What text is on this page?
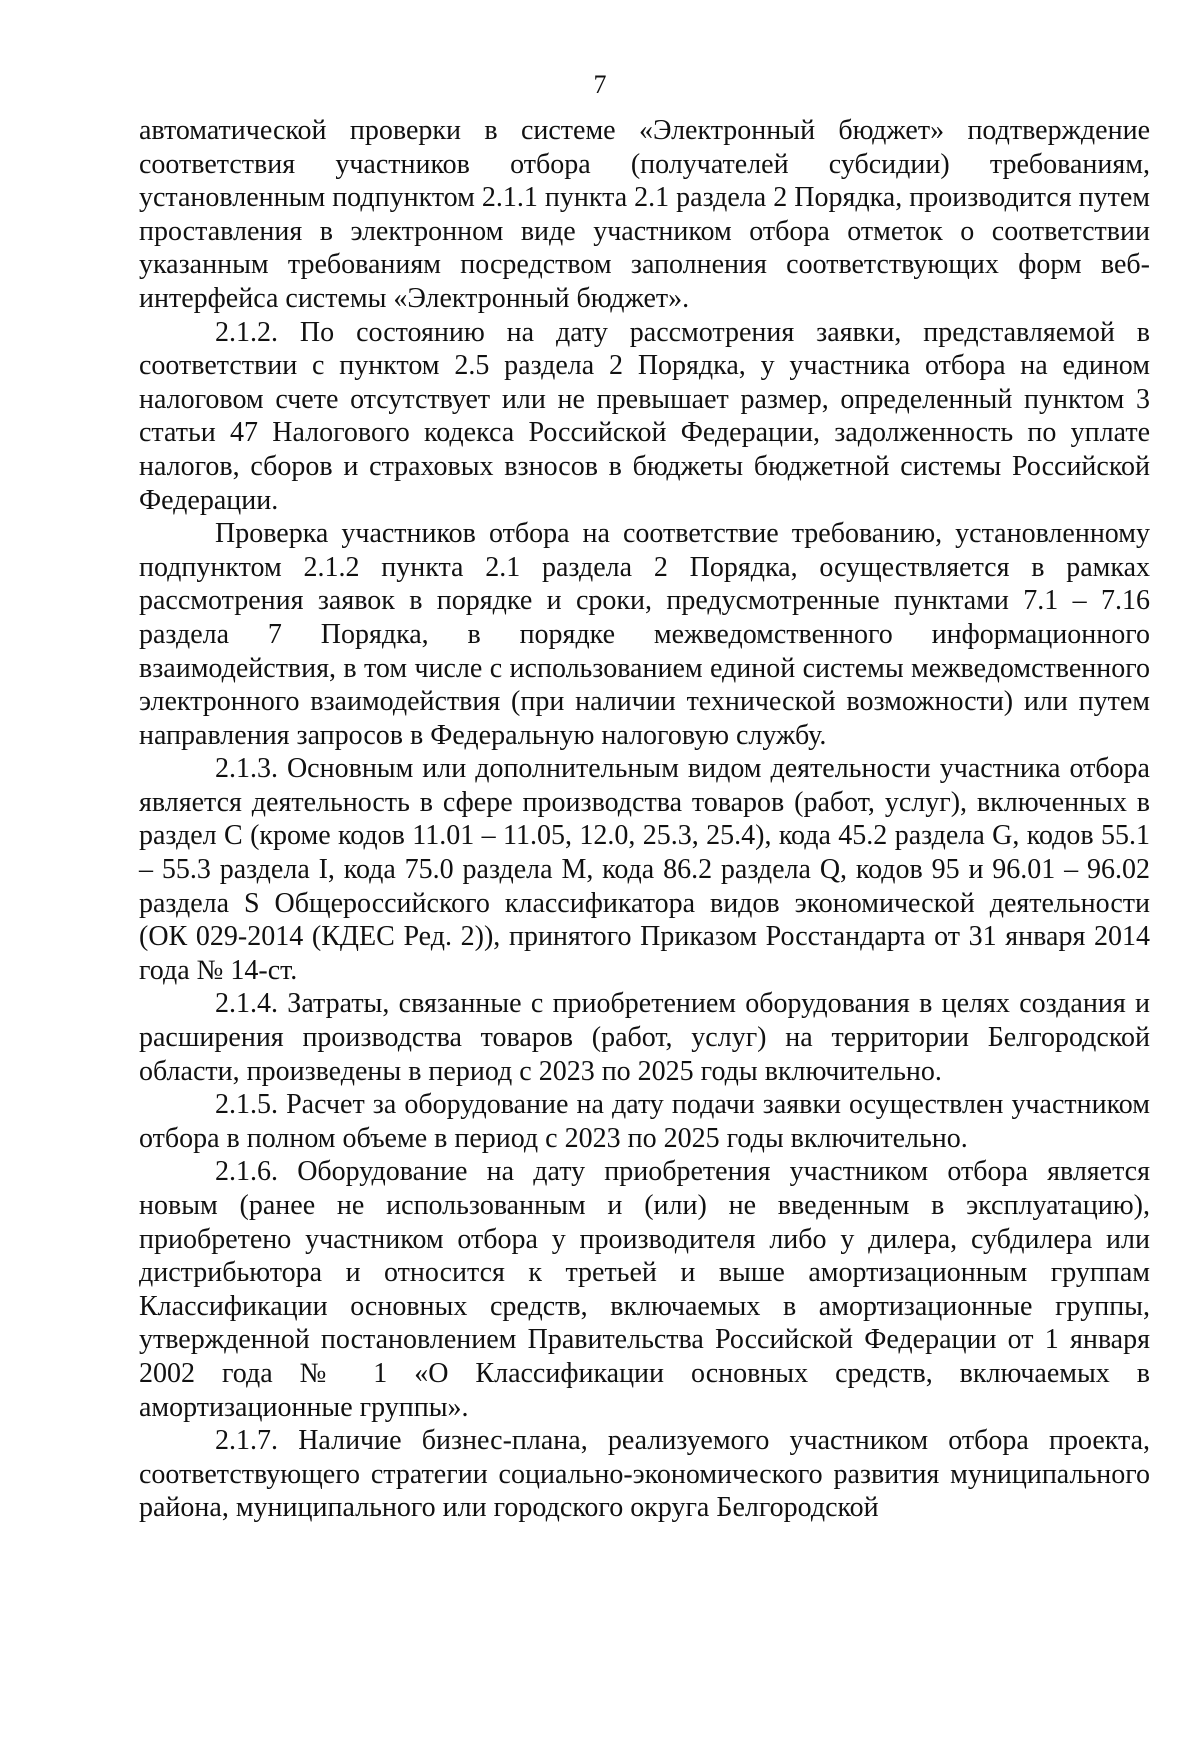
7

автоматической проверки в системе «Электронный бюджет» подтверждение соответствия участников отбора (получателей субсидии) требованиям, установленным подпунктом 2.1.1 пункта 2.1 раздела 2 Порядка, производится путем проставления в электронном виде участником отбора отметок о соответствии указанным требованиям посредством заполнения соответствующих форм веб-интерфейса системы «Электронный бюджет».

2.1.2. По состоянию на дату рассмотрения заявки, представляемой в соответствии с пунктом 2.5 раздела 2 Порядка, у участника отбора на едином налоговом счете отсутствует или не превышает размер, определенный пунктом 3 статьи 47 Налогового кодекса Российской Федерации, задолженность по уплате налогов, сборов и страховых взносов в бюджеты бюджетной системы Российской Федерации.

Проверка участников отбора на соответствие требованию, установленному подпунктом 2.1.2 пункта 2.1 раздела 2 Порядка, осуществляется в рамках рассмотрения заявок в порядке и сроки, предусмотренные пунктами 7.1 – 7.16 раздела 7 Порядка, в порядке межведомственного информационного взаимодействия, в том числе с использованием единой системы межведомственного электронного взаимодействия (при наличии технической возможности) или путем направления запросов в Федеральную налоговую службу.

2.1.3. Основным или дополнительным видом деятельности участника отбора является деятельность в сфере производства товаров (работ, услуг), включенных в раздел C (кроме кодов 11.01 – 11.05, 12.0, 25.3, 25.4), кода 45.2 раздела G, кодов 55.1 – 55.3 раздела I, кода 75.0 раздела M, кода 86.2 раздела Q, кодов 95 и 96.01 – 96.02 раздела S Общероссийского классификатора видов экономической деятельности (ОК 029-2014 (КДЕС Ред. 2)), принятого Приказом Росстандарта от 31 января 2014 года № 14-ст.

2.1.4. Затраты, связанные с приобретением оборудования в целях создания и расширения производства товаров (работ, услуг) на территории Белгородской области, произведены в период с 2023 по 2025 годы включительно.

2.1.5. Расчет за оборудование на дату подачи заявки осуществлен участником отбора в полном объеме в период с 2023 по 2025 годы включительно.

2.1.6. Оборудование на дату приобретения участником отбора является новым (ранее не использованным и (или) не введенным в эксплуатацию), приобретено участником отбора у производителя либо у дилера, субдилера или дистрибьютора и относится к третьей и выше амортизационным группам Классификации основных средств, включаемых в амортизационные группы, утвержденной постановлением Правительства Российской Федерации от 1 января 2002 года № 1 «О Классификации основных средств, включаемых в амортизационные группы».

2.1.7. Наличие бизнес-плана, реализуемого участником отбора проекта, соответствующего стратегии социально-экономического развития муниципального района, муниципального или городского округа Белгородской
